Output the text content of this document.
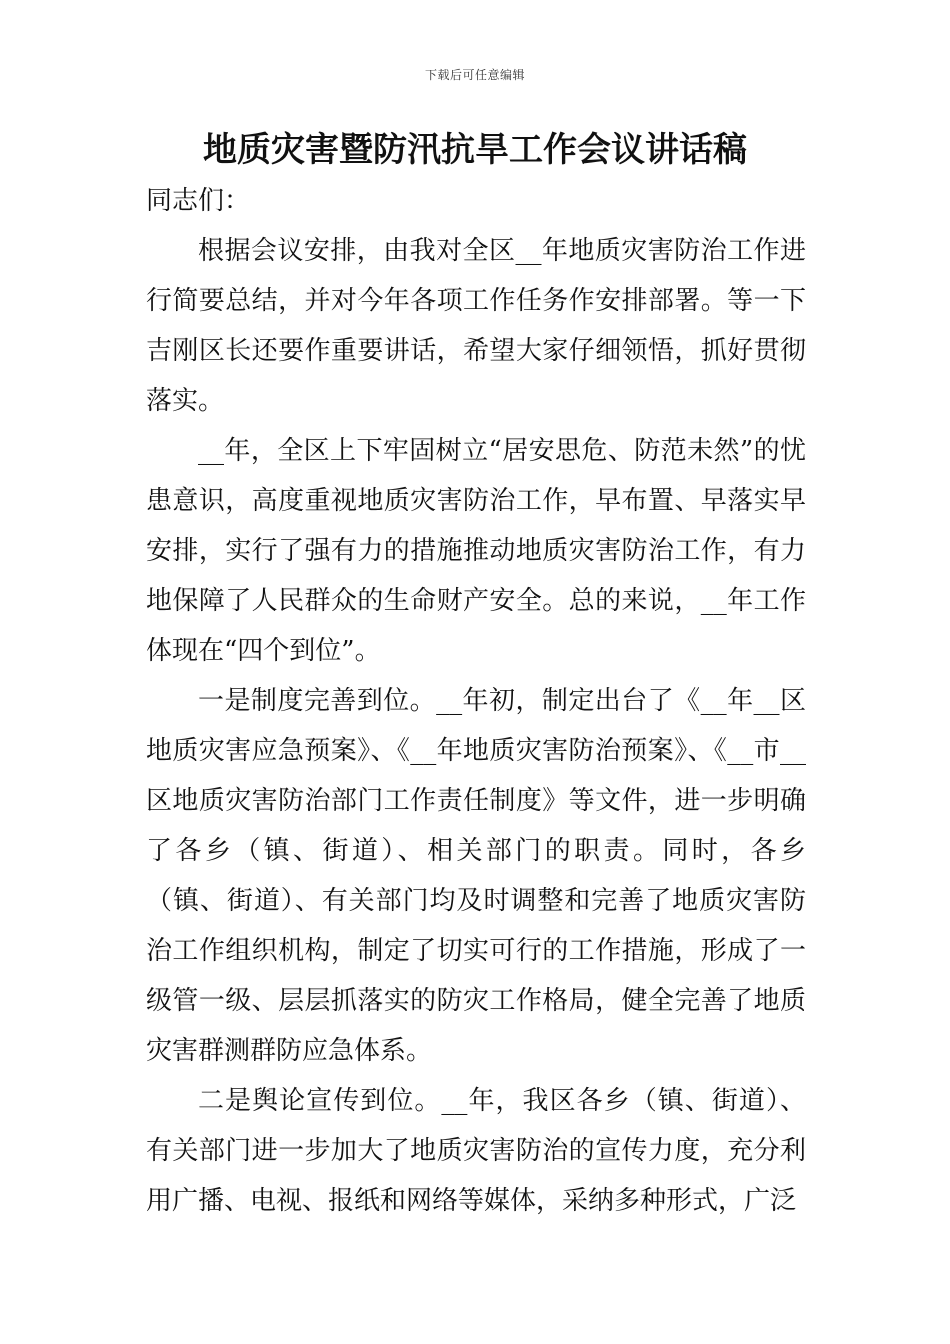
下载后可任意编辑
地质灾害暨防汛抗旱工作会议讲话稿
同志们：

根据会议安排，由我对全区__年地质灾害防治工作进行简要总结，并对今年各项工作任务作安排部署。等一下吉刚区长还要作重要讲话，希望大家仔细领悟，抓好贯彻落实。

__年，全区上下牢固树立“居安思危、防范未然”的忧患意识，高度重视地质灾害防治工作，早布置、早落实早安排，实行了强有力的措施推动地质灾害防治工作，有力地保障了人民群众的生命财产安全。总的来说，__年工作体现在“四个到位”。

一是制度完善到位。__年初，制定出台了《__年__区地质灾害应急预案》、《__年地质灾害防治预案》、《__市__区地质灾害防治部门工作责任制度》等文件，进一步明确了各乡（镇、街道）、相关部门的职责。同时，各乡（镇、街道）、有关部门均及时调整和完善了地质灾害防治工作组织机构，制定了切实可行的工作措施，形成了一级管一级、层层抓落实的防灾工作格局，健全完善了地质灾害群测群防应急体系。

二是舆论宣传到位。__年，我区各乡（镇、街道）、有关部门进一步加大了地质灾害防治的宣传力度，充分利用广播、电视、报纸和网络等媒体，采纳多种形式，广泛
